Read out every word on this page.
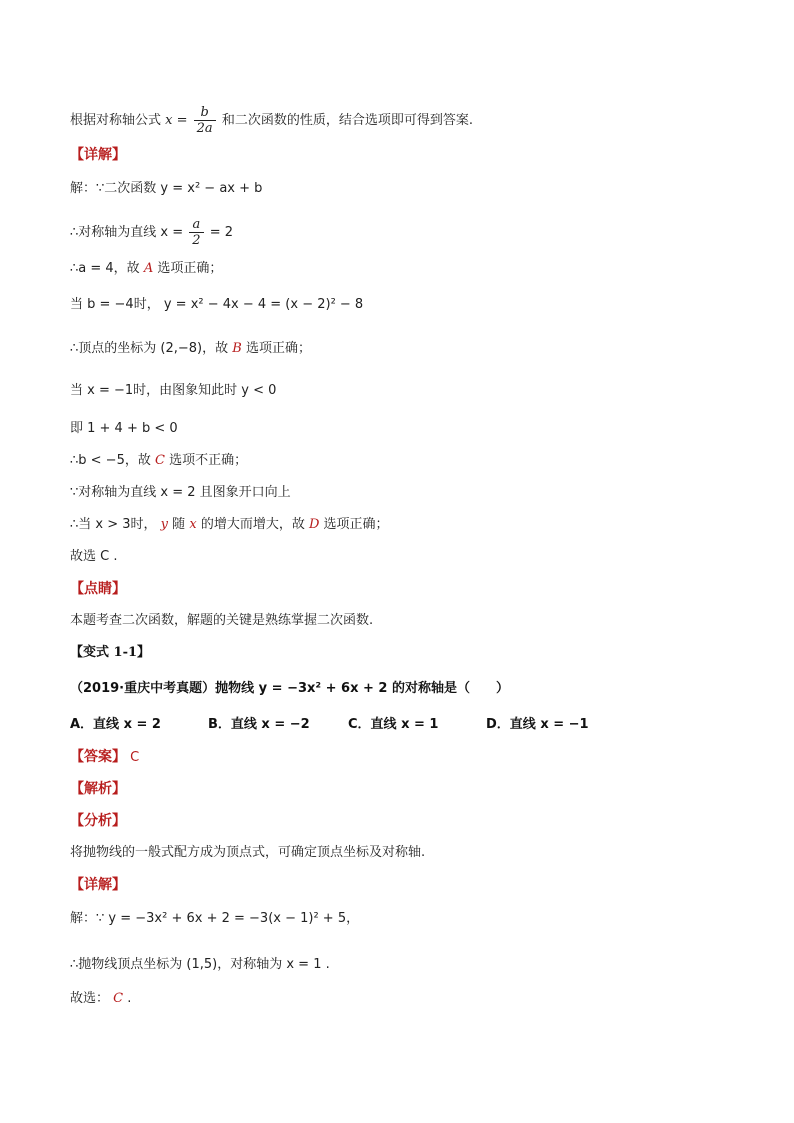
根据对称轴公式 $x = \frac{b}{2a}$ 和二次函数的性质，结合选项即可得到答案.
【详解】
解：∵二次函数 y = x² − ax + b
∴对称轴为直线 $x = \frac{a}{2} = 2$
∴a = 4，故 A 选项正确；
当 b = −4时， y = x² − 4x − 4 = (x − 2)² − 8
∴顶点的坐标为 (2,−8)，故 B 选项正确；
当 x = −1时，由图象知此时 y < 0
即 1 + 4 + b < 0
∴b < −5，故 C 选项不正确；
∵对称轴为直线 x = 2 且图象开口向上
∴当 x > 3时， y 随 x 的增大而增大，故 D 选项正确；
故选 C .
【点睛】
本题考查二次函数，解题的关键是熟练掌握二次函数.
【变式 1-1】
（2019·重庆中考真题）抛物线 y = −3x² + 6x + 2 的对称轴是（　　）
A．直线 x = 2	B．直线 x = −2	C．直线 x = 1	D．直线 x = −1
【答案】 C
【解析】
【分析】
将抛物线的一般式配方成为顶点式，可确定顶点坐标及对称轴.
【详解】
解：∵ y = −3x² + 6x + 2 = −3(x − 1)² + 5，
∴抛物线顶点坐标为 (1,5)，对称轴为 x = 1 .
故选： C .
